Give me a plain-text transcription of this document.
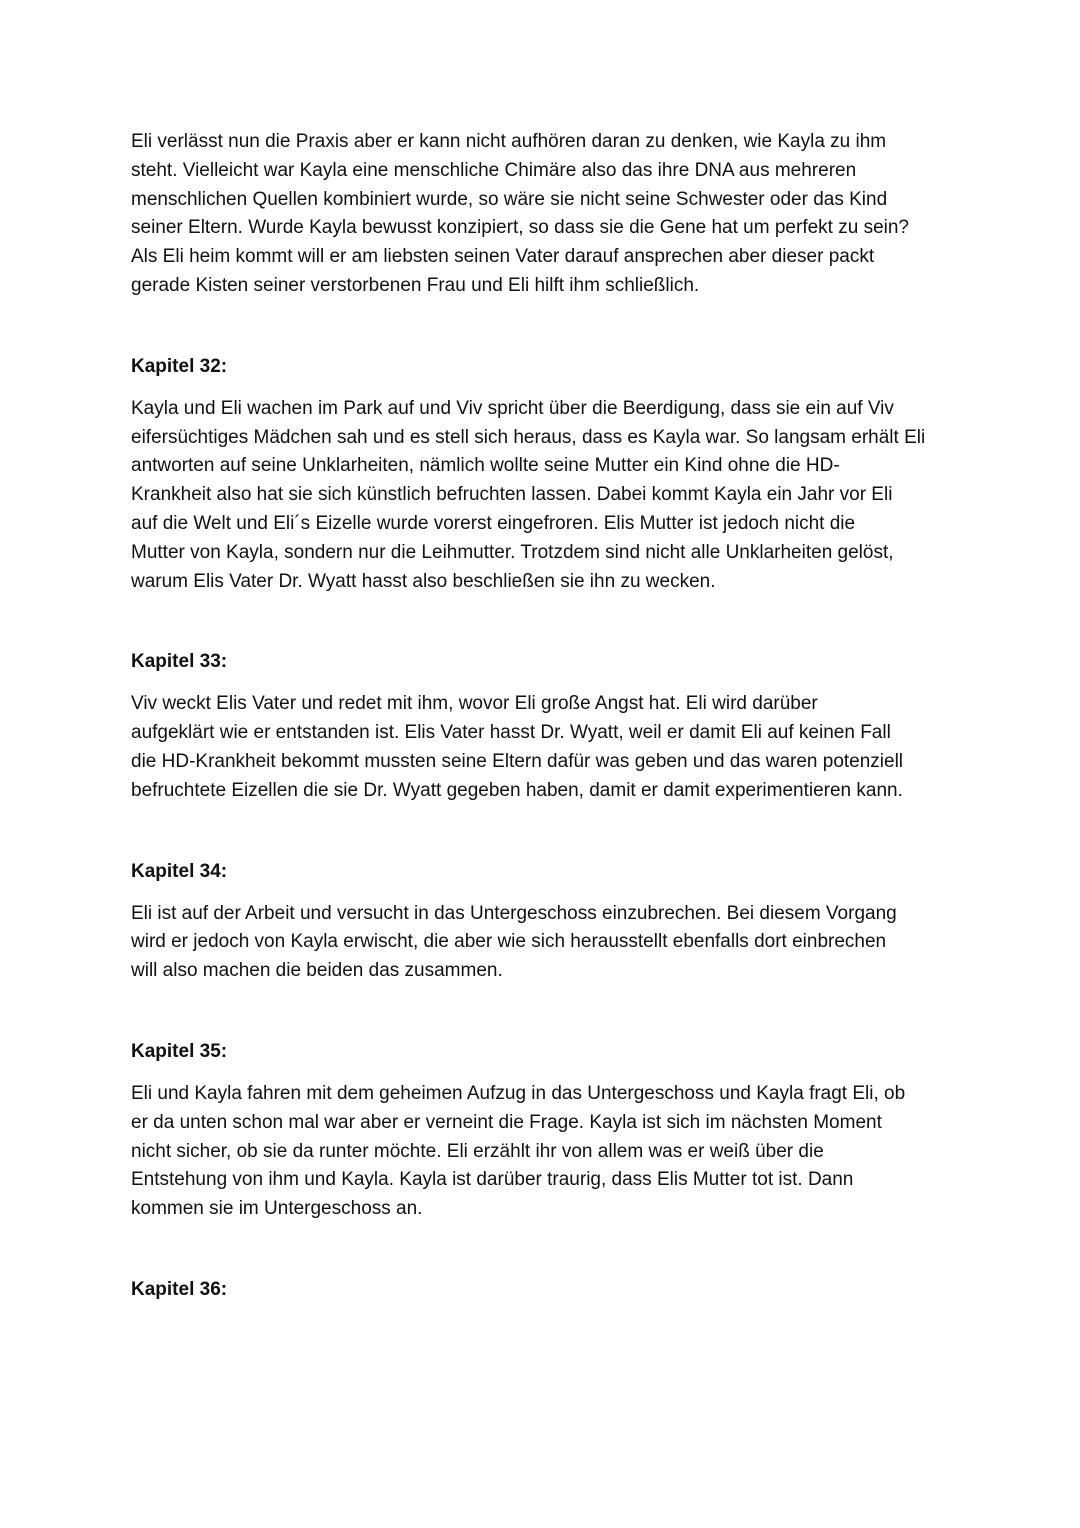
Eli verlässt nun die Praxis aber er kann nicht aufhören daran zu denken, wie Kayla zu ihm
steht. Vielleicht war Kayla eine menschliche Chimäre also das ihre DNA aus mehreren
menschlichen Quellen kombiniert wurde, so wäre sie nicht seine Schwester oder das Kind
seiner Eltern. Wurde Kayla bewusst konzipiert, so dass sie die Gene hat um perfekt zu sein?
Als Eli heim kommt will er am liebsten seinen Vater darauf ansprechen aber dieser packt
gerade Kisten seiner verstorbenen Frau und Eli hilft ihm schließlich.

Kapitel 32:

Kayla und Eli wachen im Park auf und Viv spricht über die Beerdigung, dass sie ein auf Viv
eifersüchtiges Mädchen sah und es stell sich heraus, dass es Kayla war. So langsam erhält Eli
antworten auf seine Unklarheiten, nämlich wollte seine Mutter ein Kind ohne die HD-
Krankheit also hat sie sich künstlich befruchten lassen. Dabei kommt Kayla ein Jahr vor Eli
auf die Welt und Eli´s Eizelle wurde vorerst eingefroren. Elis Mutter ist jedoch nicht die
Mutter von Kayla, sondern nur die Leihmutter. Trotzdem sind nicht alle Unklarheiten gelöst,
warum Elis Vater Dr. Wyatt hasst also beschließen sie ihn zu wecken.

Kapitel 33:

Viv weckt Elis Vater und redet mit ihm, wovor Eli große Angst hat. Eli wird darüber
aufgeklärt wie er entstanden ist. Elis Vater hasst Dr. Wyatt, weil er damit Eli auf keinen Fall
die HD-Krankheit bekommt mussten seine Eltern dafür was geben und das waren potenziell
befruchtete Eizellen die sie Dr. Wyatt gegeben haben, damit er damit experimentieren kann.

Kapitel 34:

Eli ist auf der Arbeit und versucht in das Untergeschoss einzubrechen. Bei diesem Vorgang
wird er jedoch von Kayla erwischt, die aber wie sich herausstellt ebenfalls dort einbrechen
will also machen die beiden das zusammen.

Kapitel 35:

Eli und Kayla fahren mit dem geheimen Aufzug in das Untergeschoss und Kayla fragt Eli, ob
er da unten schon mal war aber er verneint die Frage. Kayla ist sich im nächsten Moment
nicht sicher, ob sie da runter möchte. Eli erzählt ihr von allem was er weiß über die
Entstehung von ihm und Kayla. Kayla ist darüber traurig, dass Elis Mutter tot ist. Dann
kommen sie im Untergeschoss an.

Kapitel 36:
